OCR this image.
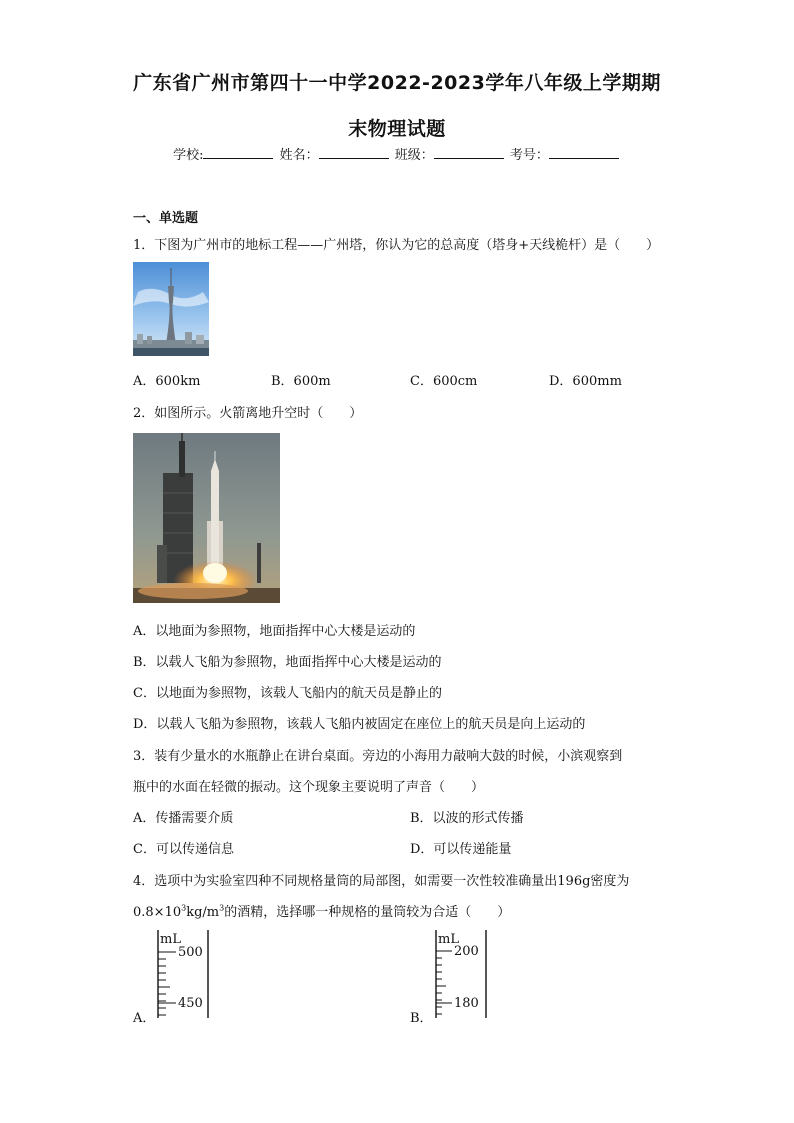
广东省广州市第四十一中学2022-2023学年八年级上学期期
末物理试题
学校:	姓名：	班级：	考号：
一、单选题
1．下图为广州市的地标工程——广州塔，你认为它的总高度（塔身+天线桅杆）是（　　）
A．600km	B．600m	C．600cm	D．600mm
2．如图所示。火箭离地升空时（　　）
A．以地面为参照物，地面指挥中心大楼是运动的
B．以载人飞船为参照物，地面指挥中心大楼是运动的
C．以地面为参照物，该载人飞船内的航天员是静止的
D．以载人飞船为参照物，该载人飞船内被固定在座位上的航天员是向上运动的
3．装有少量水的水瓶静止在讲台桌面。旁边的小海用力敲响大鼓的时候，小滨观察到
瓶中的水面在轻微的振动。这个现象主要说明了声音（　　）
A．传播需要介质	B．以波的形式传播
C．可以传递信息	D．可以传递能量
4．选项中为实验室四种不同规格量筒的局部图，如需要一次性较准确量出196g密度为
$0.8\times 10^3kg/m^3$的酒精，选择哪一种规格的量筒较为合适（　　）
A．
mL
500
450
B．
mL
200
180
